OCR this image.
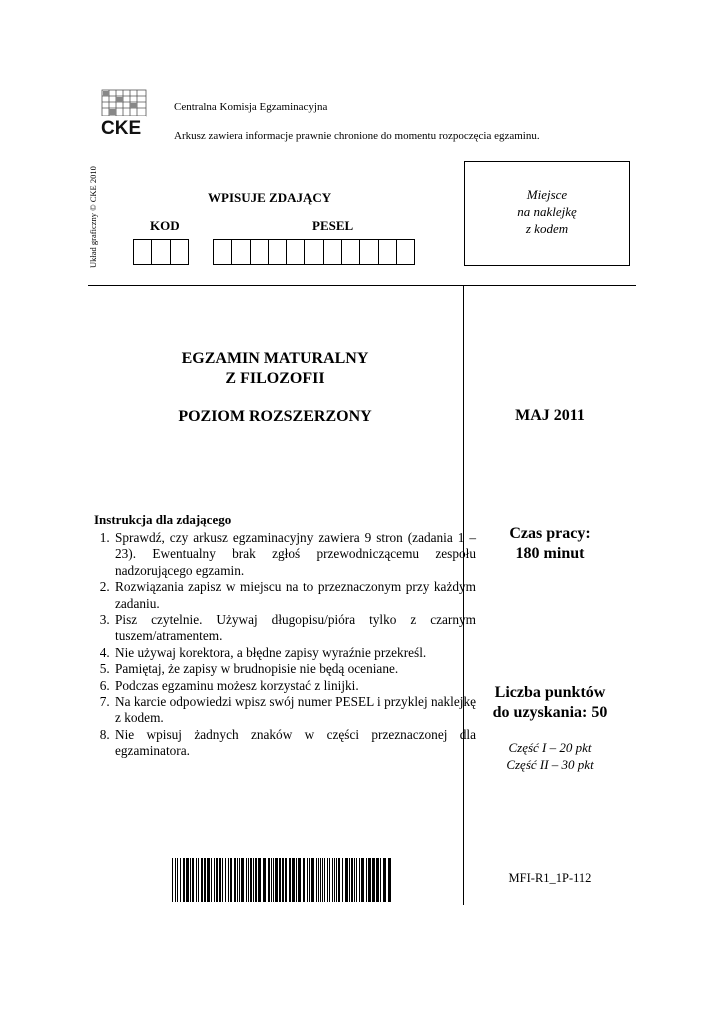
CKE
Centralna Komisja Egzaminacyjna
Arkusz zawiera informacje prawnie chronione do momentu rozpoczęcia egzaminu.
Układ graficzny © CKE 2010	WPISUJE ZDAJĄCY
KOD	PESEL
Miejsce
na naklejkę
z kodem
EGZAMIN MATURALNY
Z FILOZOFII
POZIOM ROZSZERZONY	MAJ 2011
Instrukcja dla zdającego
1. Sprawdź, czy arkusz egzaminacyjny zawiera 9 stron (zadania 1 – 23). Ewentualny brak zgłoś przewodniczącemu zespołu nadzorującego egzamin.
2. Rozwiązania zapisz w miejscu na to przeznaczonym przy każdym zadaniu.
3. Pisz czytelnie. Używaj długopisu/pióra tylko z czarnym tuszem/atramentem.
4. Nie używaj korektora, a błędne zapisy wyraźnie przekreśl.
5. Pamiętaj, że zapisy w brudnopisie nie będą oceniane.
6. Podczas egzaminu możesz korzystać z linijki.
7. Na karcie odpowiedzi wpisz swój numer PESEL i przyklej naklejkę z kodem.
8. Nie wpisuj żadnych znaków w części przeznaczonej dla egzaminatora.
Czas pracy:
180 minut
Liczba punktów
do uzyskania: 50
Część I – 20 pkt
Część II – 30 pkt
MFI-R1_1P-112
